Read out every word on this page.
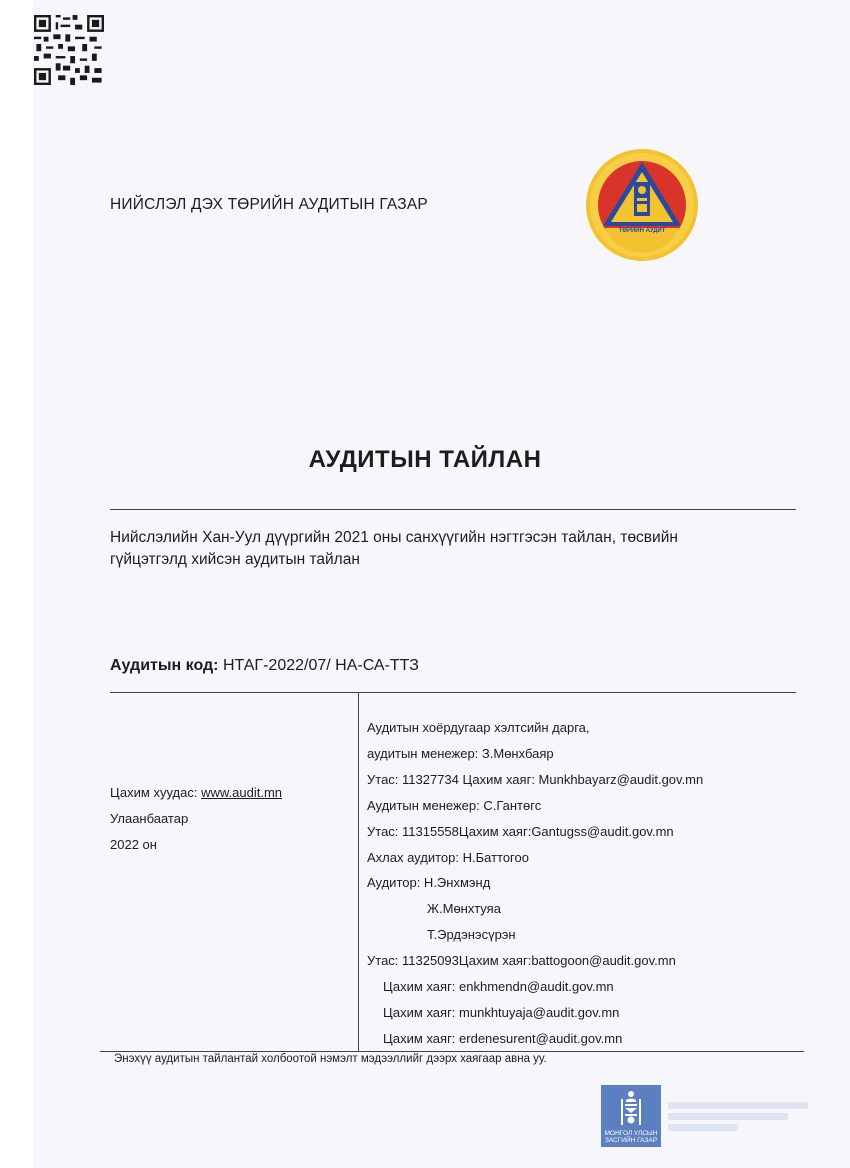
НИЙСЛЭЛ ДЭХ ТӨРИЙН АУДИТЫН ГАЗАР
ТӨРИЙН АУДИТ
АУДИТЫН ТАЙЛАН
Нийслэлийн Хан-Уул дүүргийн 2021 оны санхүүгийн нэгтгэсэн тайлан, төсвийн
гүйцэтгэлд хийсэн аудитын тайлан
Аудитын код: НТАГ-2022/07/ НА-СА-ТТЗ
Цахим хуудас: www.audit.mn
Улаанбаатар
2022 он
Аудитын хоёрдугаар хэлтсийн дарга,
аудитын менежер: З.Мөнхбаяр
Утас: 11327734 Цахим хаяг: Munkhbayarz@audit.gov.mn
Аудитын менежер: С.Гантөгс
Утас: 11315558Цахим хаяг:Gantugss@audit.gov.mn
Ахлах аудитор: Н.Баттогоо
Аудитор: Н.Энхмэнд
Ж.Мөнхтуяа
Т.Эрдэнэсүрэн
Утас: 11325093Цахим хаяг:battogoon@audit.gov.mn
Цахим хаяг: enkhmendn@audit.gov.mn
Цахим хаяг: munkhtuyaja@audit.gov.mn
Цахим хаяг: erdenesurent@audit.gov.mn
Энэхүү аудитын тайлантай холбоотой нэмэлт мэдээллийг дээрх хаягаар авна уу.
МОНГОЛ УЛСЫН
ЗАСГИЙН ГАЗАР
